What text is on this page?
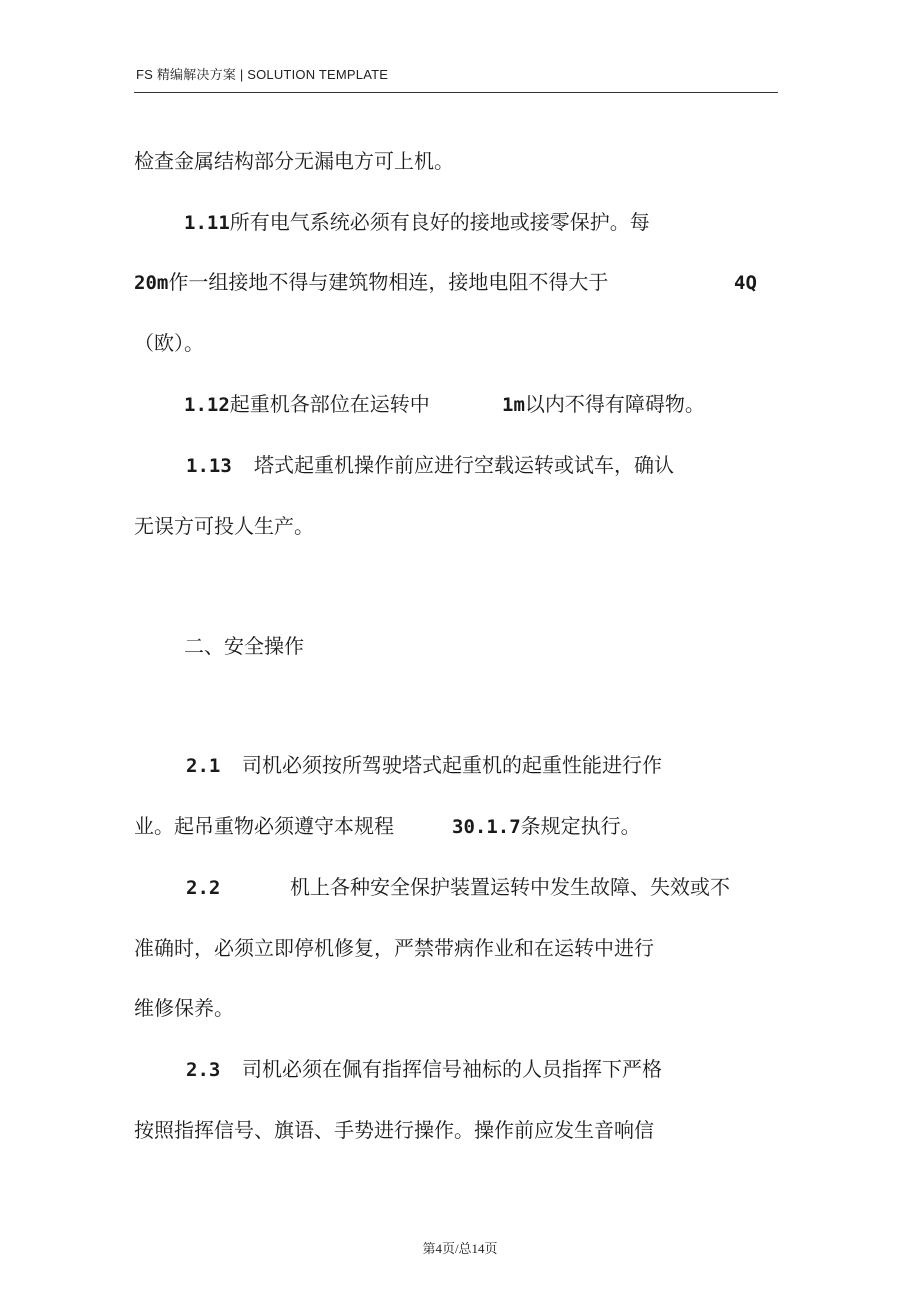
FS 精编解决方案 | SOLUTION TEMPLATE
检查金属结构部分无漏电方可上机。
1.11所有电气系统必须有良好的接地或接零保护。每
20m作一组接地不得与建筑物相连，接地电阻不得大于	4Q
（欧）。
1.12起重机各部位在运转中	1m以内不得有障碍物。
1.13 塔式起重机操作前应进行空载运转或试车，确认
无误方可投人生产。
二、安全操作
2.1 司机必须按所驾驶塔式起重机的起重性能进行作
业。起吊重物必须遵守本规程	30.1.7条规定执行。
2.2	机上各种安全保护装置运转中发生故障、失效或不
准确时，必须立即停机修复，严禁带病作业和在运转中进行
维修保养。
2.3 司机必须在佩有指挥信号袖标的人员指挥下严格
按照指挥信号、旗语、手势进行操作。操作前应发生音响信
第4页/总14页
